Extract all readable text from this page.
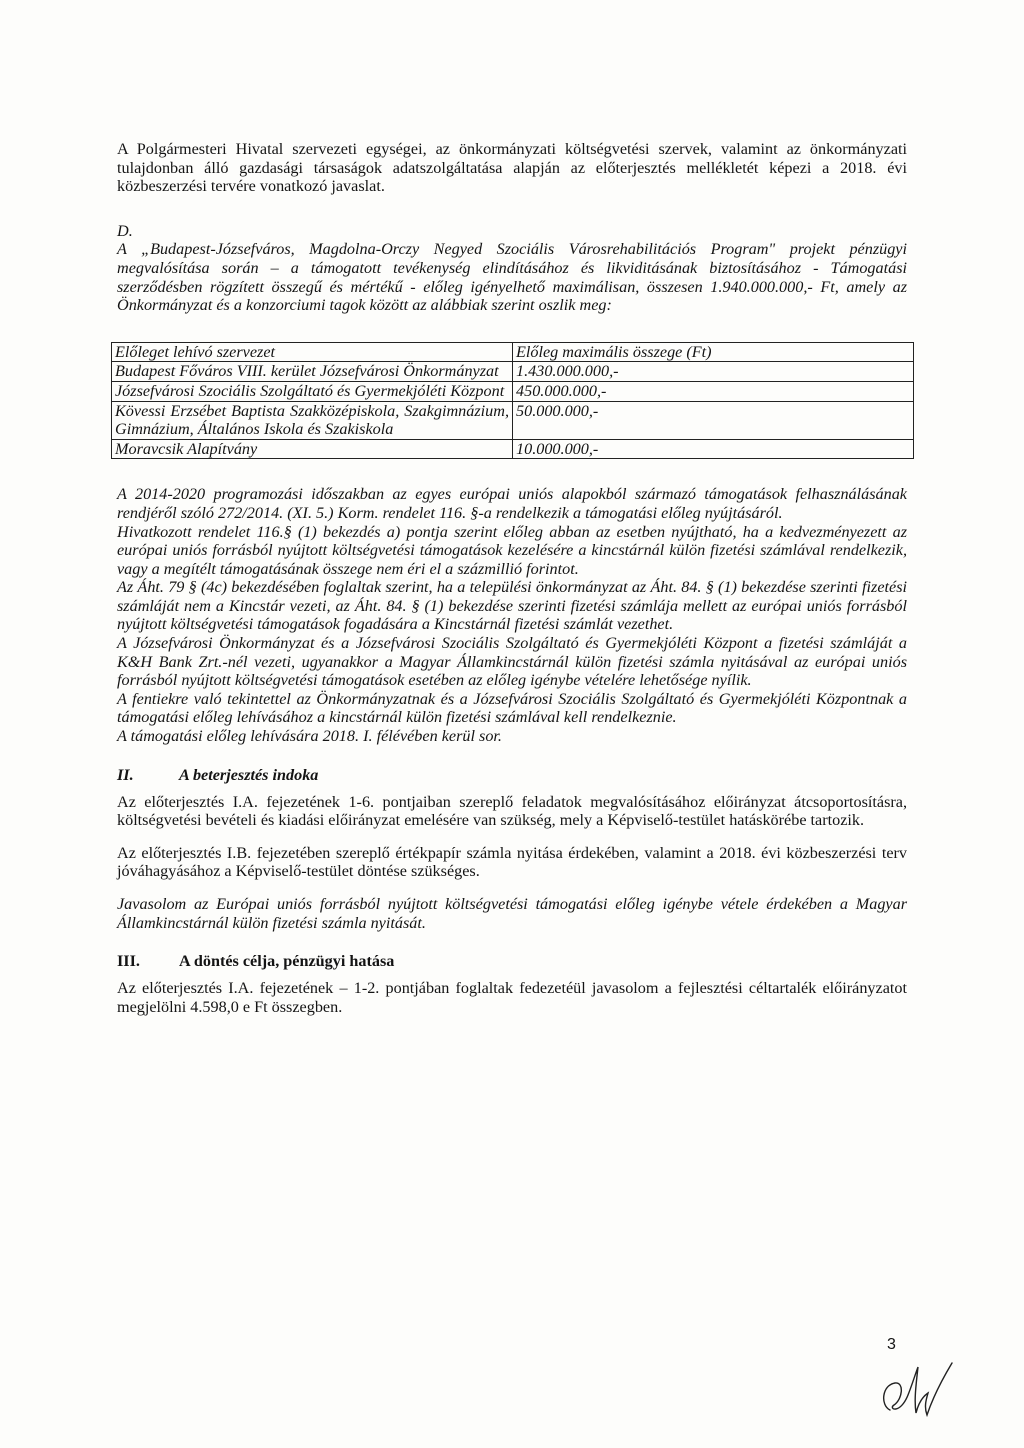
A Polgármesteri Hivatal szervezeti egységei, az önkormányzati költségvetési szervek, valamint az önkormányzati tulajdonban álló gazdasági társaságok adatszolgáltatása alapján az előterjesztés mellékletét képezi a 2018. évi közbeszerzési tervére vonatkozó javaslat.

D.

A „Budapest-Józsefváros, Magdolna-Orczy Negyed Szociális Városrehabilitációs Program" projekt pénzügyi megvalósítása során – a támogatott tevékenység elindításához és likviditásának biztosításához - Támogatási szerződésben rögzített összegű és mértékű - előleg igényelhető maximálisan, összesen 1.940.000.000,- Ft, amely az Önkormányzat és a konzorciumi tagok között az alábbiak szerint oszlik meg:

Előleget lehívó szervezet	Előleg maximális összege (Ft)
Budapest Főváros VIII. kerület Józsefvárosi Önkormányzat	1.430.000.000,-
Józsefvárosi Szociális Szolgáltató és Gyermekjóléti Központ	450.000.000,-
Kövessi Erzsébet Baptista Szakközépiskola, Szakgimnázium, Gimnázium, Általános Iskola és Szakiskola	50.000.000,-
Moravcsik Alapítvány	10.000.000,-

A 2014-2020 programozási időszakban az egyes európai uniós alapokból származó támogatások felhasználásának rendjéről szóló 272/2014. (XI. 5.) Korm. rendelet 116. §-a rendelkezik a támogatási előleg nyújtásáról.

Hivatkozott rendelet 116.§ (1) bekezdés a) pontja szerint előleg abban az esetben nyújtható, ha a kedvezményezett az európai uniós forrásból nyújtott költségvetési támogatások kezelésére a kincstárnál külön fizetési számlával rendelkezik, vagy a megítélt támogatásának összege nem éri el a százmillió forintot.

Az Áht. 79 § (4c) bekezdésében foglaltak szerint, ha a települési önkormányzat az Áht. 84. § (1) bekezdése szerinti fizetési számláját nem a Kincstár vezeti, az Áht. 84. § (1) bekezdése szerinti fizetési számlája mellett az európai uniós forrásból nyújtott költségvetési támogatások fogadására a Kincstárnál fizetési számlát vezethet.

A Józsefvárosi Önkormányzat és a Józsefvárosi Szociális Szolgáltató és Gyermekjóléti Központ a fizetési számláját a K&H Bank Zrt.-nél vezeti, ugyanakkor a Magyar Államkincstárnál külön fizetési számla nyitásával az európai uniós forrásból nyújtott költségvetési támogatások esetében az előleg igénybe vételére lehetősége nyílik.

A fentiekre való tekintettel az Önkormányzatnak és a Józsefvárosi Szociális Szolgáltató és Gyermekjóléti Központnak a támogatási előleg lehívásához a kincstárnál külön fizetési számlával kell rendelkeznie.

A támogatási előleg lehívására 2018. I. félévében kerül sor.

II.	A beterjesztés indoka

Az előterjesztés I.A. fejezetének 1-6. pontjaiban szereplő feladatok megvalósításához előirányzat átcsoportosításra, költségvetési bevételi és kiadási előirányzat emelésére van szükség, mely a Képviselő-testület hatáskörébe tartozik.

Az előterjesztés I.B. fejezetében szereplő értékpapír számla nyitása érdekében, valamint a 2018. évi közbeszerzési terv jóváhagyásához a Képviselő-testület döntése szükséges.

Javasolom az Európai uniós forrásból nyújtott költségvetési támogatási előleg igénybe vétele érdekében a Magyar Államkincstárnál külön fizetési számla nyitását.

III. A döntés célja, pénzügyi hatása

Az előterjesztés I.A. fejezetének – 1-2. pontjában foglaltak fedezetéül javasolom a fejlesztési céltartalék előirányzatot megjelölni 4.598,0 e Ft összegben.

3
